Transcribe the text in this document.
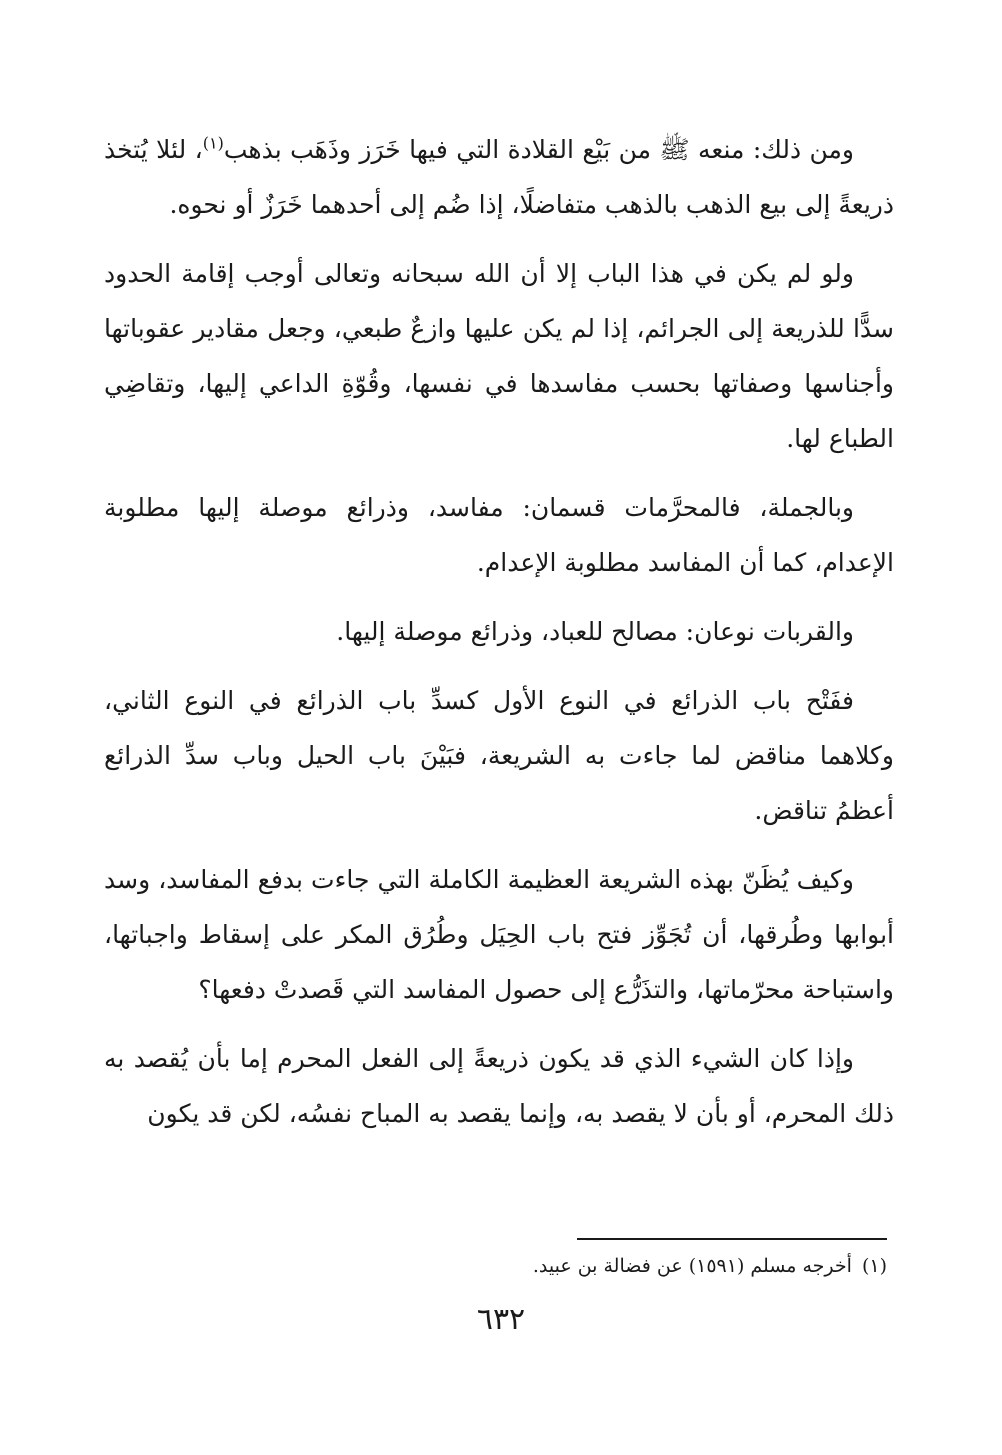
ومن ذلك: منعه ﷺ من بَيْع القلادة التي فيها خَرَز وذَهَب بذهب$^{(١)}$، لئلا يُتخذ ذريعةً إلى بيع الذهب بالذهب متفاضلًا، إذا ضُم إلى أحدهما خَرَزٌ أو نحوه.

ولو لم يكن في هذا الباب إلا أن الله سبحانه وتعالى أوجب إقامة الحدود سدًّا للذريعة إلى الجرائم، إذا لم يكن عليها وازعٌ طبعي، وجعل مقادير عقوباتها وأجناسها وصفاتها بحسب مفاسدها في نفسها، وقُوّةِ الداعي إليها، وتقاضِي الطباع لها.

وبالجملة، فالمحرَّمات قسمان: مفاسد، وذرائع موصلة إليها مطلوبة الإعدام، كما أن المفاسد مطلوبة الإعدام.

والقربات نوعان: مصالح للعباد، وذرائع موصلة إليها.

ففَتْح باب الذرائع في النوع الأول كسدِّ باب الذرائع في النوع الثاني، وكلاهما مناقض لما جاءت به الشريعة، فبَيْنَ باب الحيل وباب سدِّ الذرائع أعظمُ تناقض.

وكيف يُظَنّ بهذه الشريعة العظيمة الكاملة التي جاءت بدفع المفاسد، وسد أبوابها وطُرقها، أن تُجَوِّز فتح باب الحِيَل وطُرُق المكر على إسقاط واجباتها، واستباحة محرّماتها، والتذَرُّع إلى حصول المفاسد التي قَصدتْ دفعها؟

وإذا كان الشيء الذي قد يكون ذريعةً إلى الفعل المحرم إما بأن يُقصد به ذلك المحرم، أو بأن لا يقصد به، وإنما يقصد به المباح نفسُه، لكن قد يكون

(١)أخرجه مسلم (١٥٩١) عن فضالة بن عبيد.
٦٣٢
